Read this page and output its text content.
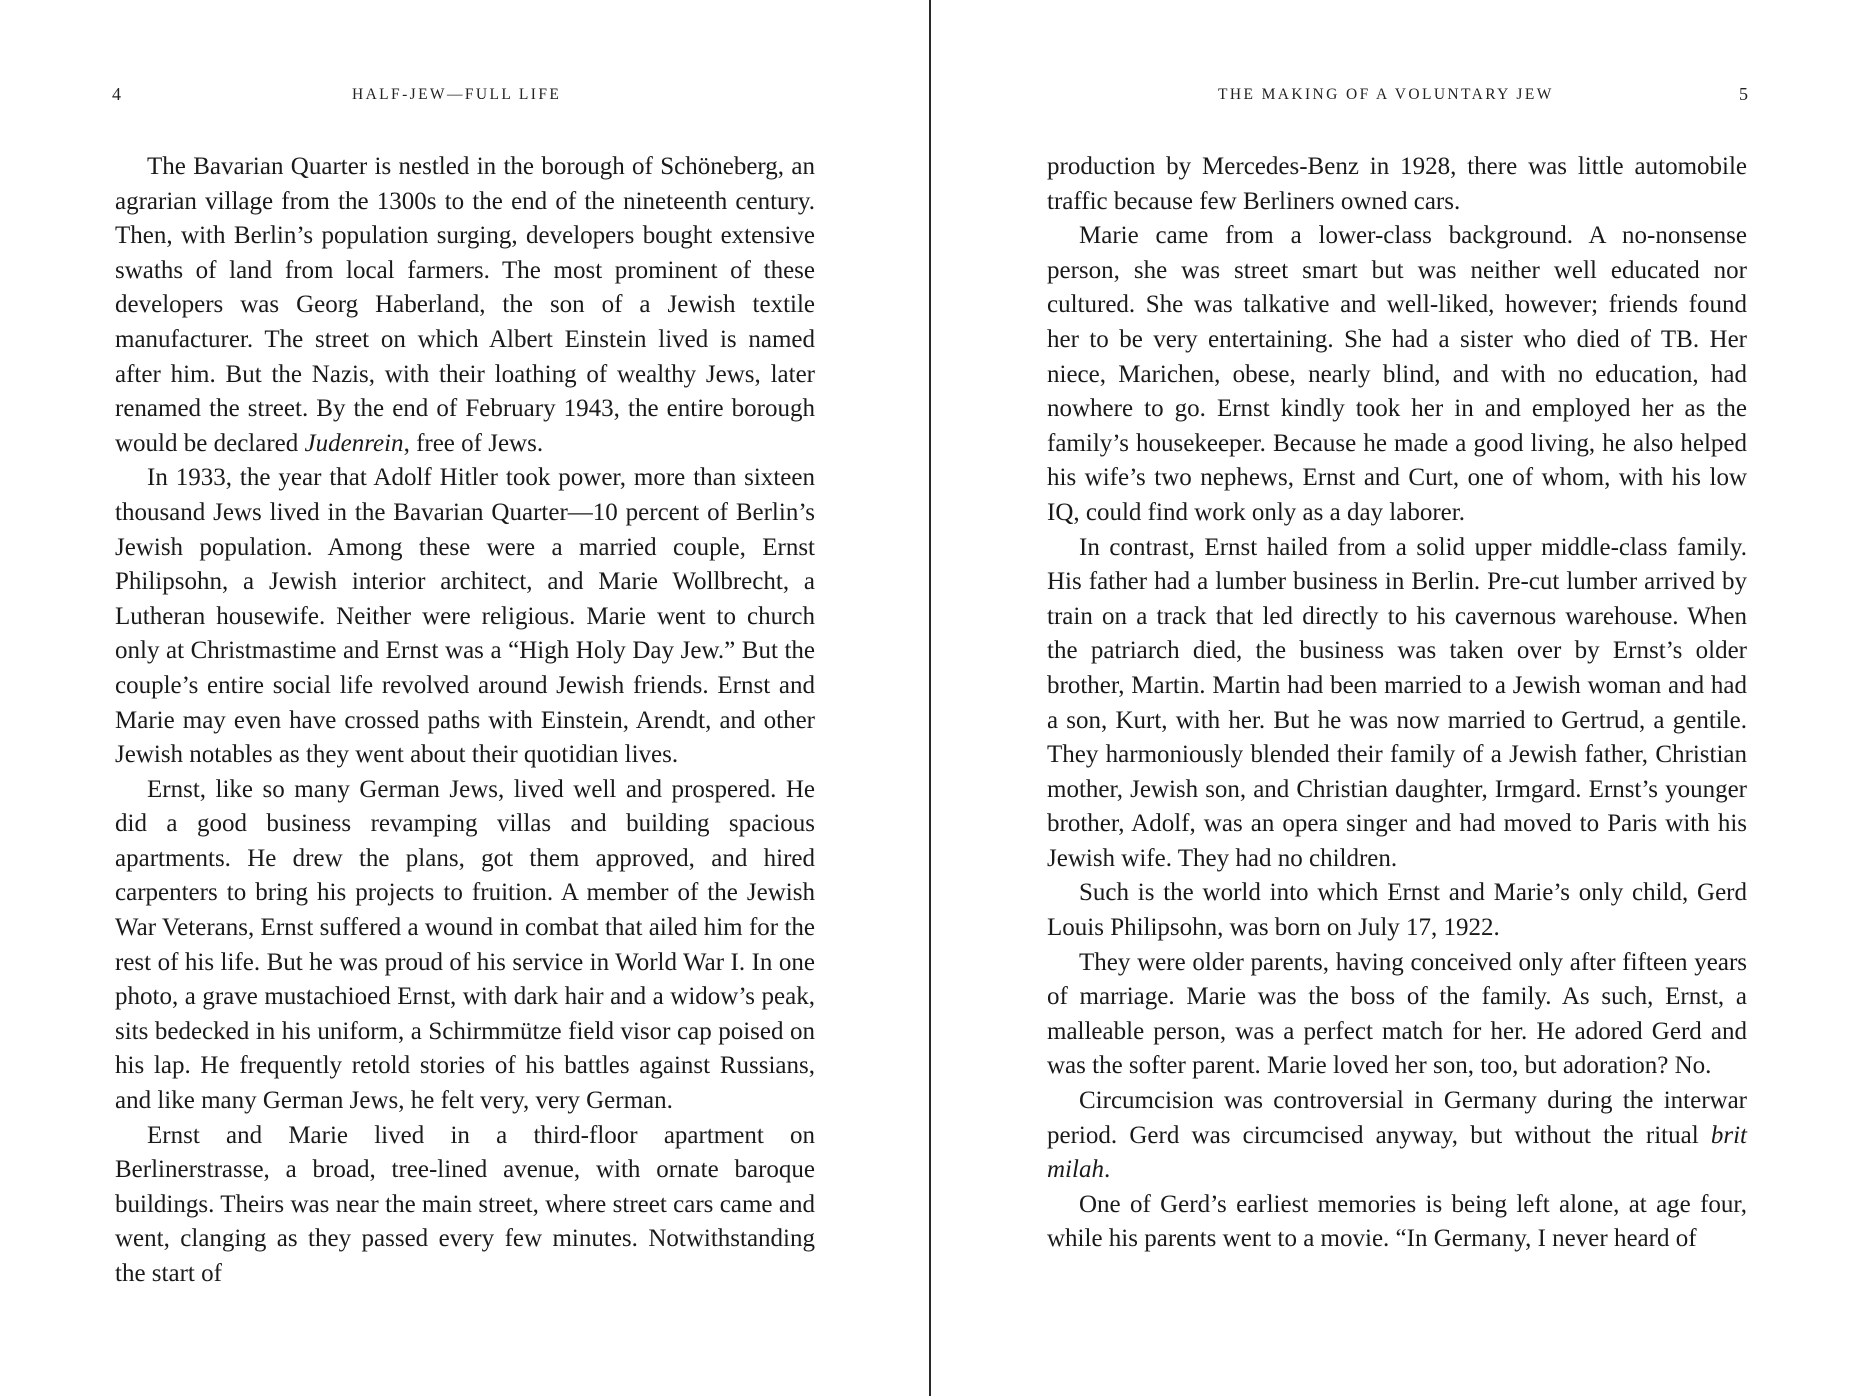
4	HALF-JEW—FULL LIFE

The Bavarian Quarter is nestled in the borough of Schöneberg, an agrarian village from the 1300s to the end of the nineteenth century. Then, with Berlin’s population surging, developers bought extensive swaths of land from local farmers. The most prominent of these developers was Georg Haberland, the son of a Jewish textile manufacturer. The street on which Albert Einstein lived is named after him. But the Nazis, with their loathing of wealthy Jews, later renamed the street. By the end of February 1943, the entire borough would be declared Judenrein, free of Jews.

In 1933, the year that Adolf Hitler took power, more than sixteen thousand Jews lived in the Bavarian Quarter—10 percent of Berlin’s Jewish population. Among these were a married couple, Ernst Philipsohn, a Jewish interior architect, and Marie Wollbrecht, a Lutheran housewife. Neither were religious. Marie went to church only at Christmastime and Ernst was a “High Holy Day Jew.” But the couple’s entire social life revolved around Jewish friends. Ernst and Marie may even have crossed paths with Einstein, Arendt, and other Jewish notables as they went about their quotidian lives.

Ernst, like so many German Jews, lived well and prospered. He did a good business revamping villas and building spacious apartments. He drew the plans, got them approved, and hired carpenters to bring his projects to fruition. A member of the Jewish War Veterans, Ernst suffered a wound in combat that ailed him for the rest of his life. But he was proud of his service in World War I. In one photo, a grave mustachioed Ernst, with dark hair and a widow’s peak, sits bedecked in his uniform, a Schirmmütze field visor cap poised on his lap. He frequently retold stories of his battles against Russians, and like many German Jews, he felt very, very German.

Ernst and Marie lived in a third-floor apartment on Berlinerstrasse, a broad, tree-lined avenue, with ornate baroque buildings. Theirs was near the main street, where street cars came and went, clanging as they passed every few minutes. Notwithstanding the start of

THE MAKING OF A VOLUNTARY JEW	5

production by Mercedes-Benz in 1928, there was little automobile traffic because few Berliners owned cars.

Marie came from a lower-class background. A no-nonsense person, she was street smart but was neither well educated nor cultured. She was talkative and well-liked, however; friends found her to be very entertaining. She had a sister who died of TB. Her niece, Marichen, obese, nearly blind, and with no education, had nowhere to go. Ernst kindly took her in and employed her as the family’s housekeeper. Because he made a good living, he also helped his wife’s two nephews, Ernst and Curt, one of whom, with his low IQ, could find work only as a day laborer.

In contrast, Ernst hailed from a solid upper middle-class family. His father had a lumber business in Berlin. Pre-cut lumber arrived by train on a track that led directly to his cavernous warehouse. When the patriarch died, the business was taken over by Ernst’s older brother, Martin. Martin had been married to a Jewish woman and had a son, Kurt, with her. But he was now married to Gertrud, a gentile. They harmoniously blended their family of a Jewish father, Christian mother, Jewish son, and Christian daughter, Irmgard. Ernst’s younger brother, Adolf, was an opera singer and had moved to Paris with his Jewish wife. They had no children.

Such is the world into which Ernst and Marie’s only child, Gerd Louis Philipsohn, was born on July 17, 1922.

They were older parents, having conceived only after fifteen years of marriage. Marie was the boss of the family. As such, Ernst, a malleable person, was a perfect match for her. He adored Gerd and was the softer parent. Marie loved her son, too, but adoration? No.

Circumcision was controversial in Germany during the interwar period. Gerd was circumcised anyway, but without the ritual brit milah.

One of Gerd’s earliest memories is being left alone, at age four, while his parents went to a movie. “In Germany, I never heard of
